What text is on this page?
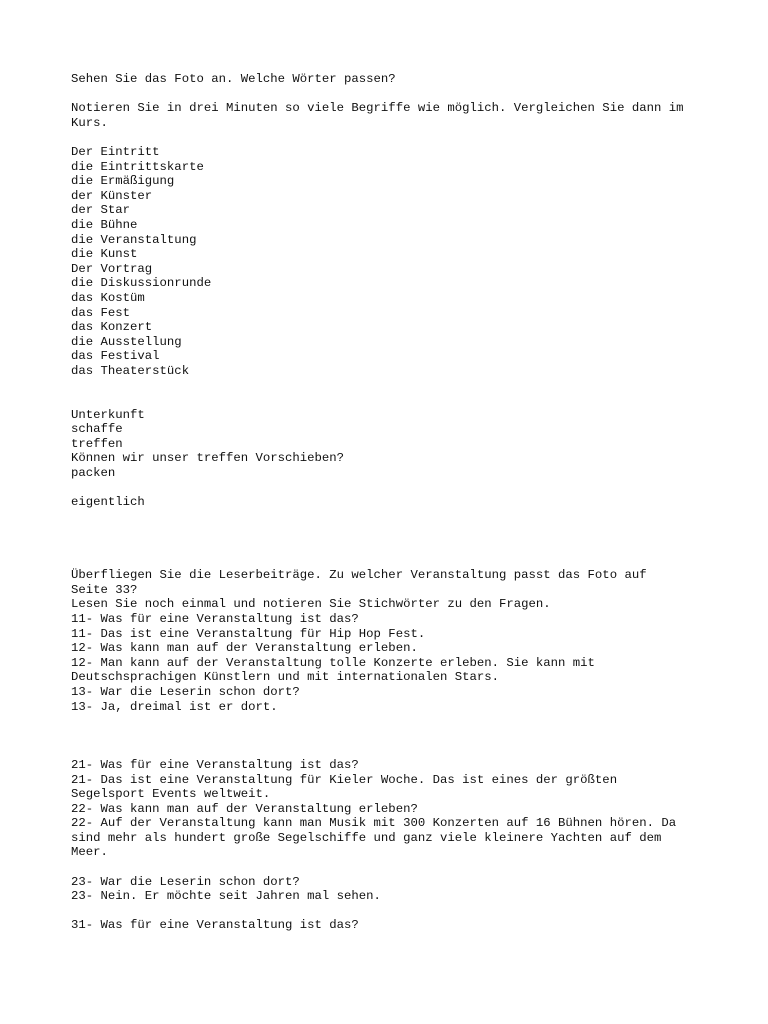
Sehen Sie das Foto an. Welche Wörter passen?
Notieren Sie in drei Minuten so viele Begriffe wie möglich. Vergleichen Sie dann im
Kurs.
Der Eintritt
die Eintrittskarte
die Ermäßigung
der Künster
der Star
die Bühne
die Veranstaltung
die Kunst
Der Vortrag
die Diskussionrunde
das Kostüm
das Fest
das Konzert
die Ausstellung
das Festival
das Theaterstück
Unterkunft
schaffe
treffen
Können wir unser treffen Vorschieben?
packen
eigentlich
Überfliegen Sie die Leserbeiträge. Zu welcher Veranstaltung passt das Foto auf
Seite 33?
Lesen Sie noch einmal und notieren Sie Stichwörter zu den Fragen.
11- Was für eine Veranstaltung ist das?
11- Das ist eine Veranstaltung für Hip Hop Fest.
12- Was kann man auf der Veranstaltung erleben.
12- Man kann auf der Veranstaltung tolle Konzerte erleben. Sie kann mit
Deutschsprachigen Künstlern und mit internationalen Stars.
13- War die Leserin schon dort?
13- Ja, dreimal ist er dort.
21- Was für eine Veranstaltung ist das?
21- Das ist eine Veranstaltung für Kieler Woche. Das ist eines der größten
Segelsport Events weltweit.
22- Was kann man auf der Veranstaltung erleben?
22- Auf der Veranstaltung kann man Musik mit 300 Konzerten auf 16 Bühnen hören. Da
sind mehr als hundert große Segelschiffe und ganz viele kleinere Yachten auf dem
Meer.
23- War die Leserin schon dort?
23- Nein. Er möchte seit Jahren mal sehen.
31- Was für eine Veranstaltung ist das?
